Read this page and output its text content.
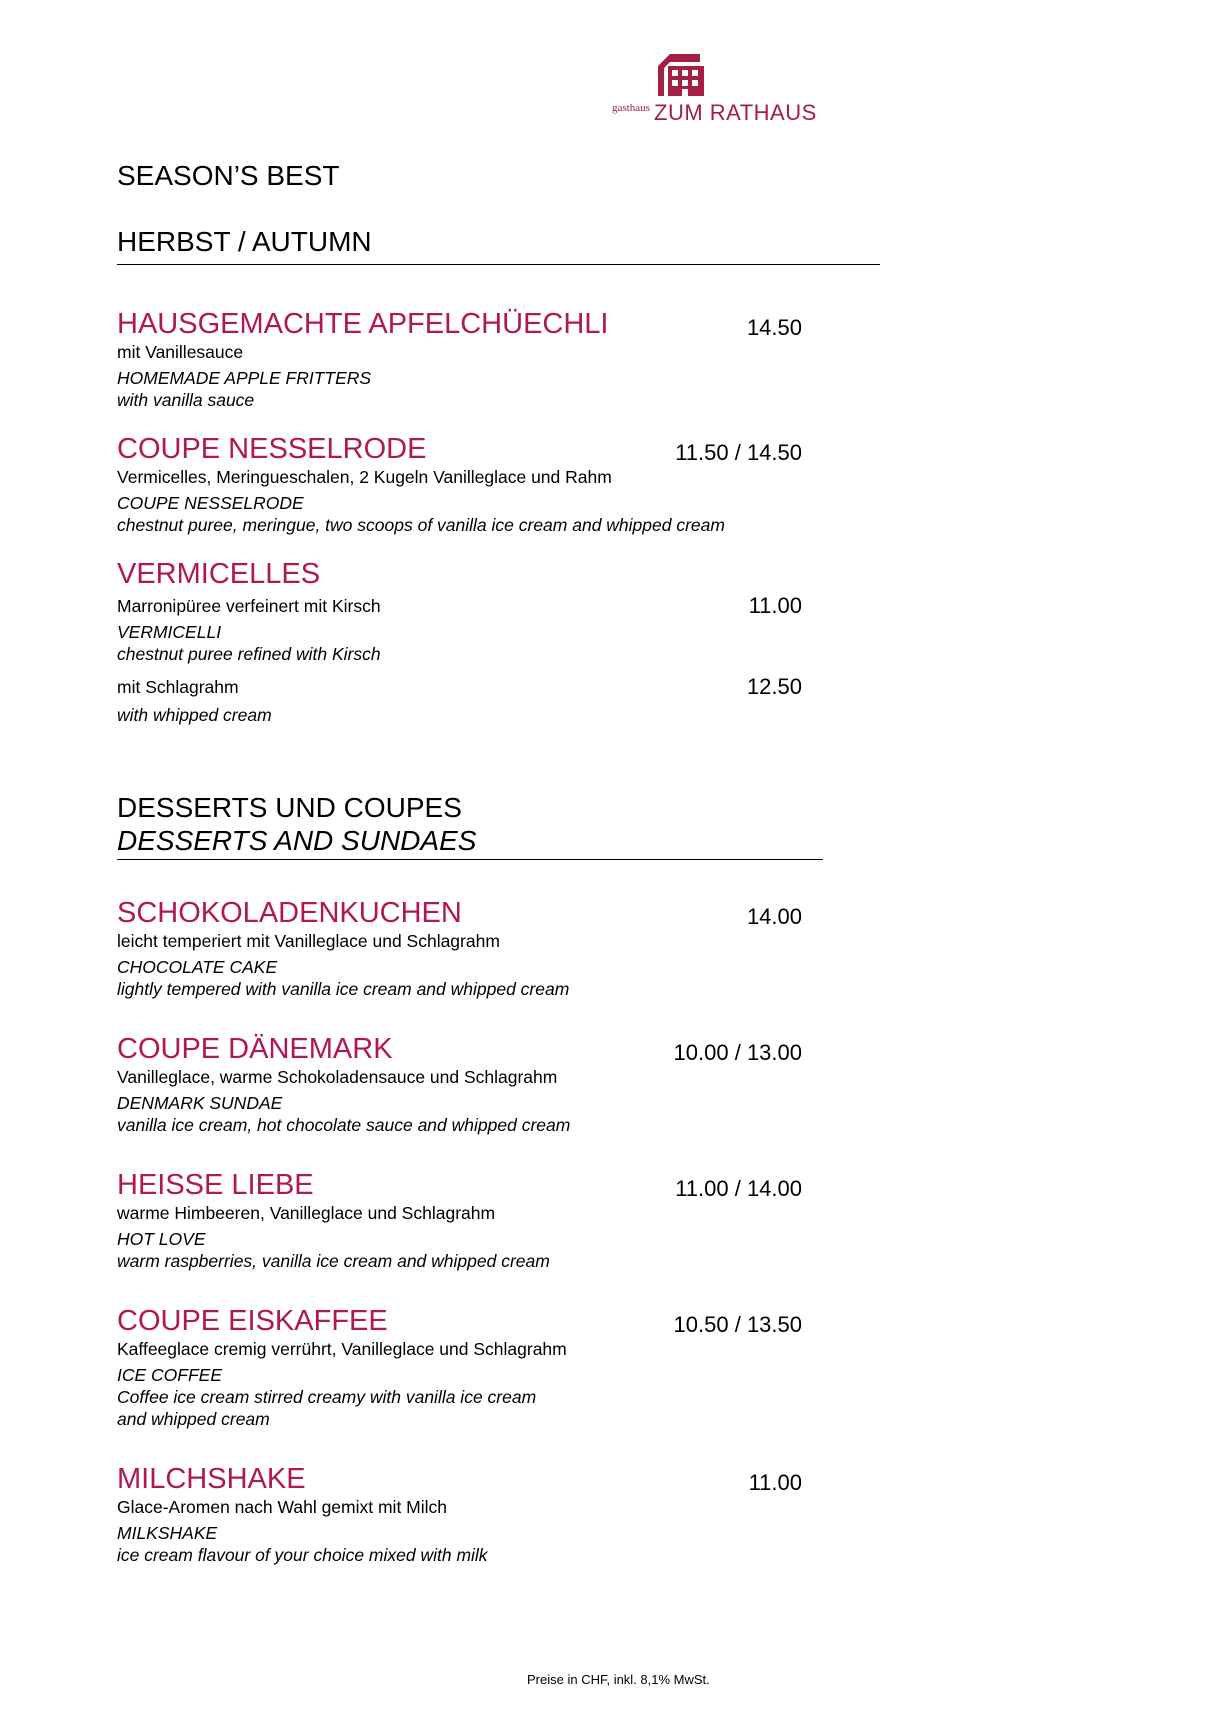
gasthaus ZUM RATHAUS
SEASON’S BEST
HERBST / AUTUMN
HAUSGEMACHTE APFELCHÜECHLI	14.50
mit Vanillesauce
HOMEMADE APPLE FRITTERS
with vanilla sauce
COUPE NESSELRODE	11.50 / 14.50
Vermicelles, Meringueschalen, 2 Kugeln Vanilleglace und Rahm
COUPE NESSELRODE
chestnut puree, meringue, two scoops of vanilla ice cream and whipped cream
VERMICELLES
11.00
Marronipüree verfeinert mit Kirsch
VERMICELLI
chestnut puree refined with Kirsch
mit Schlagrahm	12.50
with whipped cream
DESSERTS UND COUPES
DESSERTS AND SUNDAES
SCHOKOLADENKUCHEN	14.00
leicht temperiert mit Vanilleglace und Schlagrahm
CHOCOLATE CAKE
lightly tempered with vanilla ice cream and whipped cream
COUPE DÄNEMARK	10.00 / 13.00
Vanilleglace, warme Schokoladensauce und Schlagrahm
DENMARK SUNDAE
vanilla ice cream, hot chocolate sauce and whipped cream
HEISSE LIEBE	11.00 / 14.00
warme Himbeeren, Vanilleglace und Schlagrahm
HOT LOVE
warm raspberries, vanilla ice cream and whipped cream
COUPE EISKAFFEE	10.50 / 13.50
Kaffeeglace cremig verrührt, Vanilleglace und Schlagrahm
ICE COFFEE
Coffee ice cream stirred creamy with vanilla ice cream
and whipped cream
MILCHSHAKE	11.00
Glace-Aromen nach Wahl gemixt mit Milch
MILKSHAKE
ice cream flavour of your choice mixed with milk
Preise in CHF, inkl. 8,1% MwSt.
